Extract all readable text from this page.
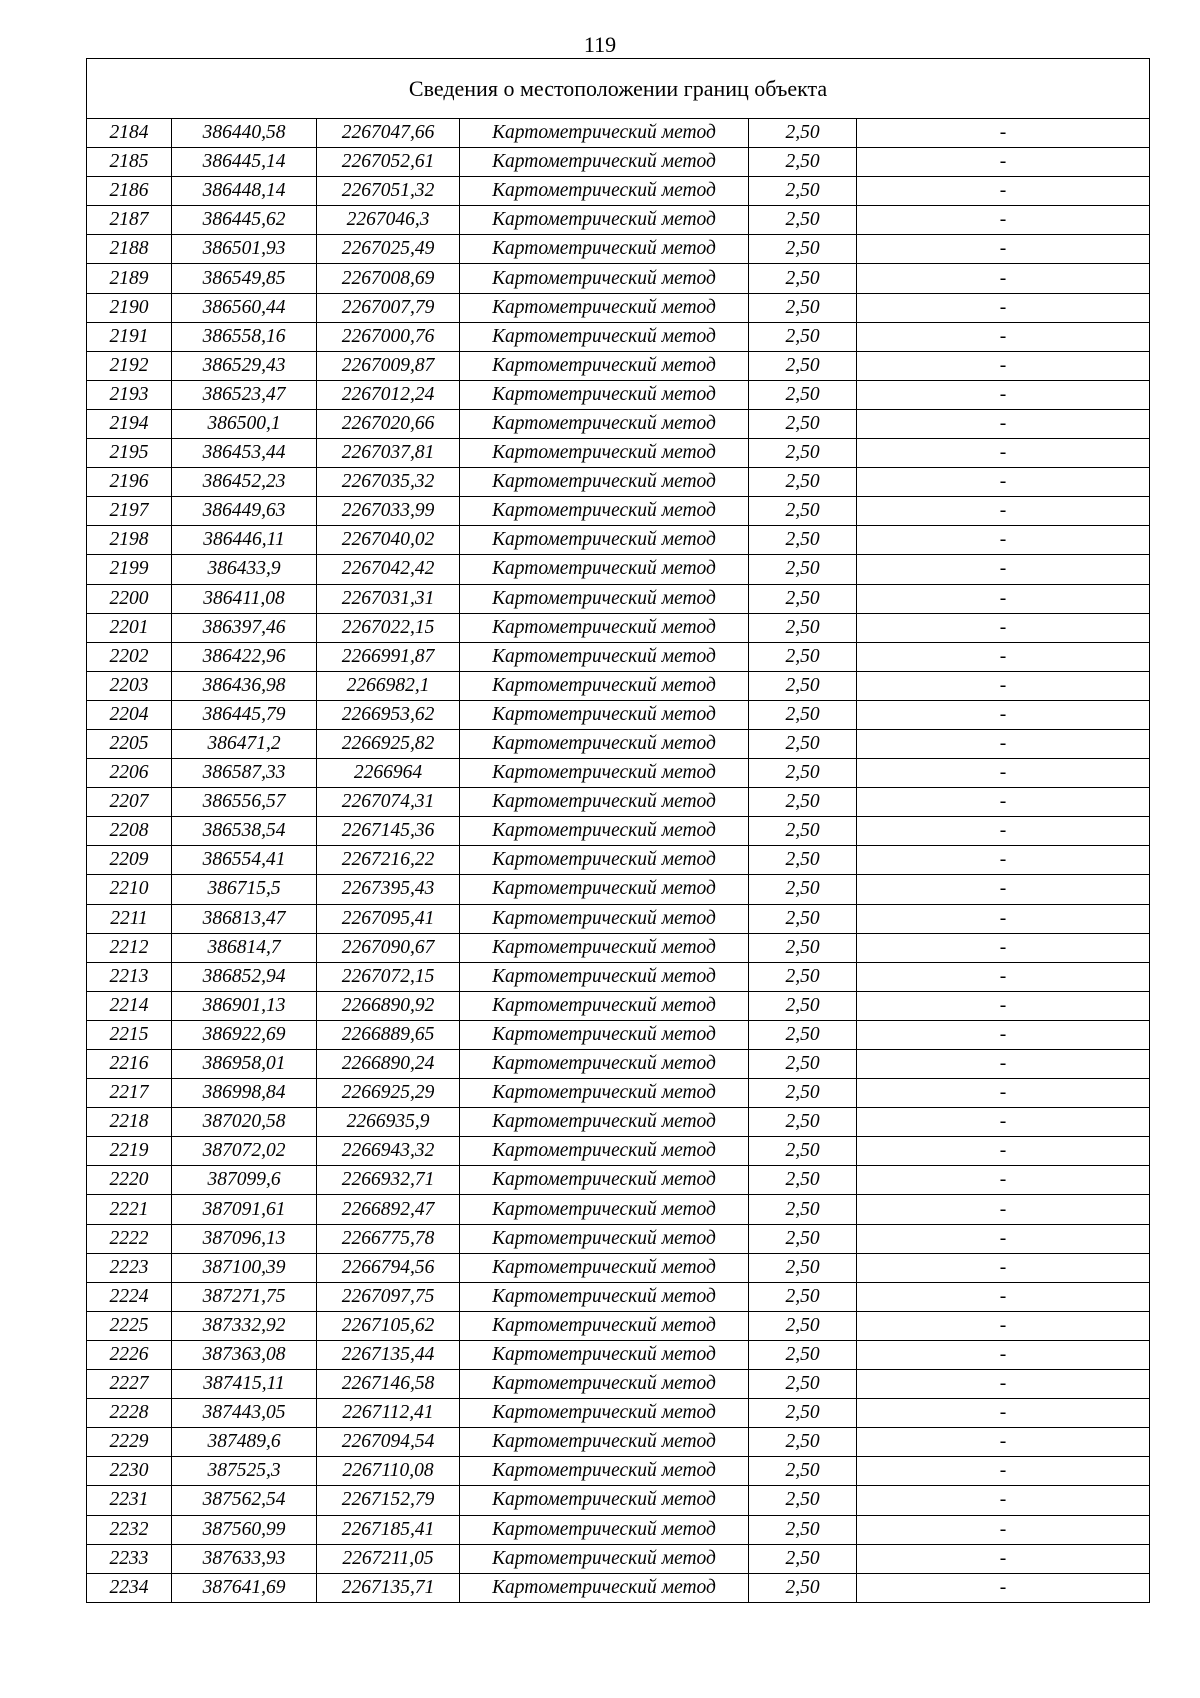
119
Сведения о местоположении границ объекта					
2184	386440,58	2267047,66	Картометрический метод	2,50	-
2185	386445,14	2267052,61	Картометрический метод	2,50	-
2186	386448,14	2267051,32	Картометрический метод	2,50	-
2187	386445,62	2267046,3	Картометрический метод	2,50	-
2188	386501,93	2267025,49	Картометрический метод	2,50	-
2189	386549,85	2267008,69	Картометрический метод	2,50	-
2190	386560,44	2267007,79	Картометрический метод	2,50	-
2191	386558,16	2267000,76	Картометрический метод	2,50	-
2192	386529,43	2267009,87	Картометрический метод	2,50	-
2193	386523,47	2267012,24	Картометрический метод	2,50	-
2194	386500,1	2267020,66	Картометрический метод	2,50	-
2195	386453,44	2267037,81	Картометрический метод	2,50	-
2196	386452,23	2267035,32	Картометрический метод	2,50	-
2197	386449,63	2267033,99	Картометрический метод	2,50	-
2198	386446,11	2267040,02	Картометрический метод	2,50	-
2199	386433,9	2267042,42	Картометрический метод	2,50	-
2200	386411,08	2267031,31	Картометрический метод	2,50	-
2201	386397,46	2267022,15	Картометрический метод	2,50	-
2202	386422,96	2266991,87	Картометрический метод	2,50	-
2203	386436,98	2266982,1	Картометрический метод	2,50	-
2204	386445,79	2266953,62	Картометрический метод	2,50	-
2205	386471,2	2266925,82	Картометрический метод	2,50	-
2206	386587,33	2266964	Картометрический метод	2,50	-
2207	386556,57	2267074,31	Картометрический метод	2,50	-
2208	386538,54	2267145,36	Картометрический метод	2,50	-
2209	386554,41	2267216,22	Картометрический метод	2,50	-
2210	386715,5	2267395,43	Картометрический метод	2,50	-
2211	386813,47	2267095,41	Картометрический метод	2,50	-
2212	386814,7	2267090,67	Картометрический метод	2,50	-
2213	386852,94	2267072,15	Картометрический метод	2,50	-
2214	386901,13	2266890,92	Картометрический метод	2,50	-
2215	386922,69	2266889,65	Картометрический метод	2,50	-
2216	386958,01	2266890,24	Картометрический метод	2,50	-
2217	386998,84	2266925,29	Картометрический метод	2,50	-
2218	387020,58	2266935,9	Картометрический метод	2,50	-
2219	387072,02	2266943,32	Картометрический метод	2,50	-
2220	387099,6	2266932,71	Картометрический метод	2,50	-
2221	387091,61	2266892,47	Картометрический метод	2,50	-
2222	387096,13	2266775,78	Картометрический метод	2,50	-
2223	387100,39	2266794,56	Картометрический метод	2,50	-
2224	387271,75	2267097,75	Картометрический метод	2,50	-
2225	387332,92	2267105,62	Картометрический метод	2,50	-
2226	387363,08	2267135,44	Картометрический метод	2,50	-
2227	387415,11	2267146,58	Картометрический метод	2,50	-
2228	387443,05	2267112,41	Картометрический метод	2,50	-
2229	387489,6	2267094,54	Картометрический метод	2,50	-
2230	387525,3	2267110,08	Картометрический метод	2,50	-
2231	387562,54	2267152,79	Картометрический метод	2,50	-
2232	387560,99	2267185,41	Картометрический метод	2,50	-
2233	387633,93	2267211,05	Картометрический метод	2,50	-
2234	387641,69	2267135,71	Картометрический метод	2,50	-
